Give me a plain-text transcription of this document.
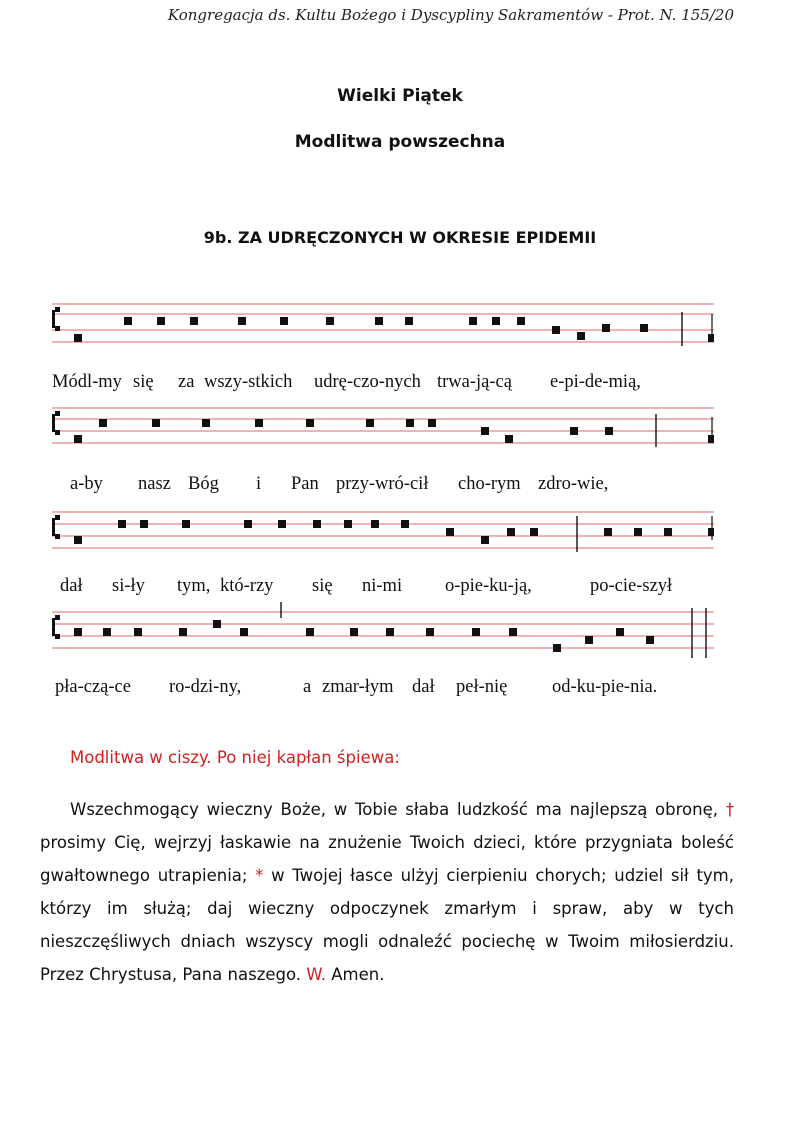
Kongregacja ds. Kultu Bożego i Dyscypliny Sakramentów - Prot. N. 155/20
Wielki Piątek
Modlitwa powszechna
9b. ZA UDRĘCZONYCH W OKRESIE EPIDEMII
Módl-my się za wszy-stkich udrę-czo-nych trwa-ją-cą e-pi-de-mią,
a-by nasz Bóg i Pan przy-wró-cił cho-rym zdro-wie,
dał si-ły tym, któ-rzy się ni-mi o-pie-ku-ją,	po-cie-szył
pła-czą-ce ro-dzi-ny,	a zmar-łym dał peł-nię od-ku-pie-nia.
Modlitwa w ciszy. Po niej kapłan śpiewa:

Wszechmogący wieczny Boże, w Tobie słaba ludzkość ma najlepszą obronę, † prosimy Cię, wejrzyj łaskawie na znużenie Twoich dzieci, które przygniata boleść gwałtownego utrapienia; * w Twojej łasce ulżyj cierpieniu chorych; udziel sił tym, którzy im służą; daj wieczny odpoczynek zmarłym i spraw, aby w tych nieszczęśliwych dniach wszyscy mogli odnaleźć pociechę w Twoim miłosierdziu. Przez Chrystusa, Pana naszego. W. Amen.
